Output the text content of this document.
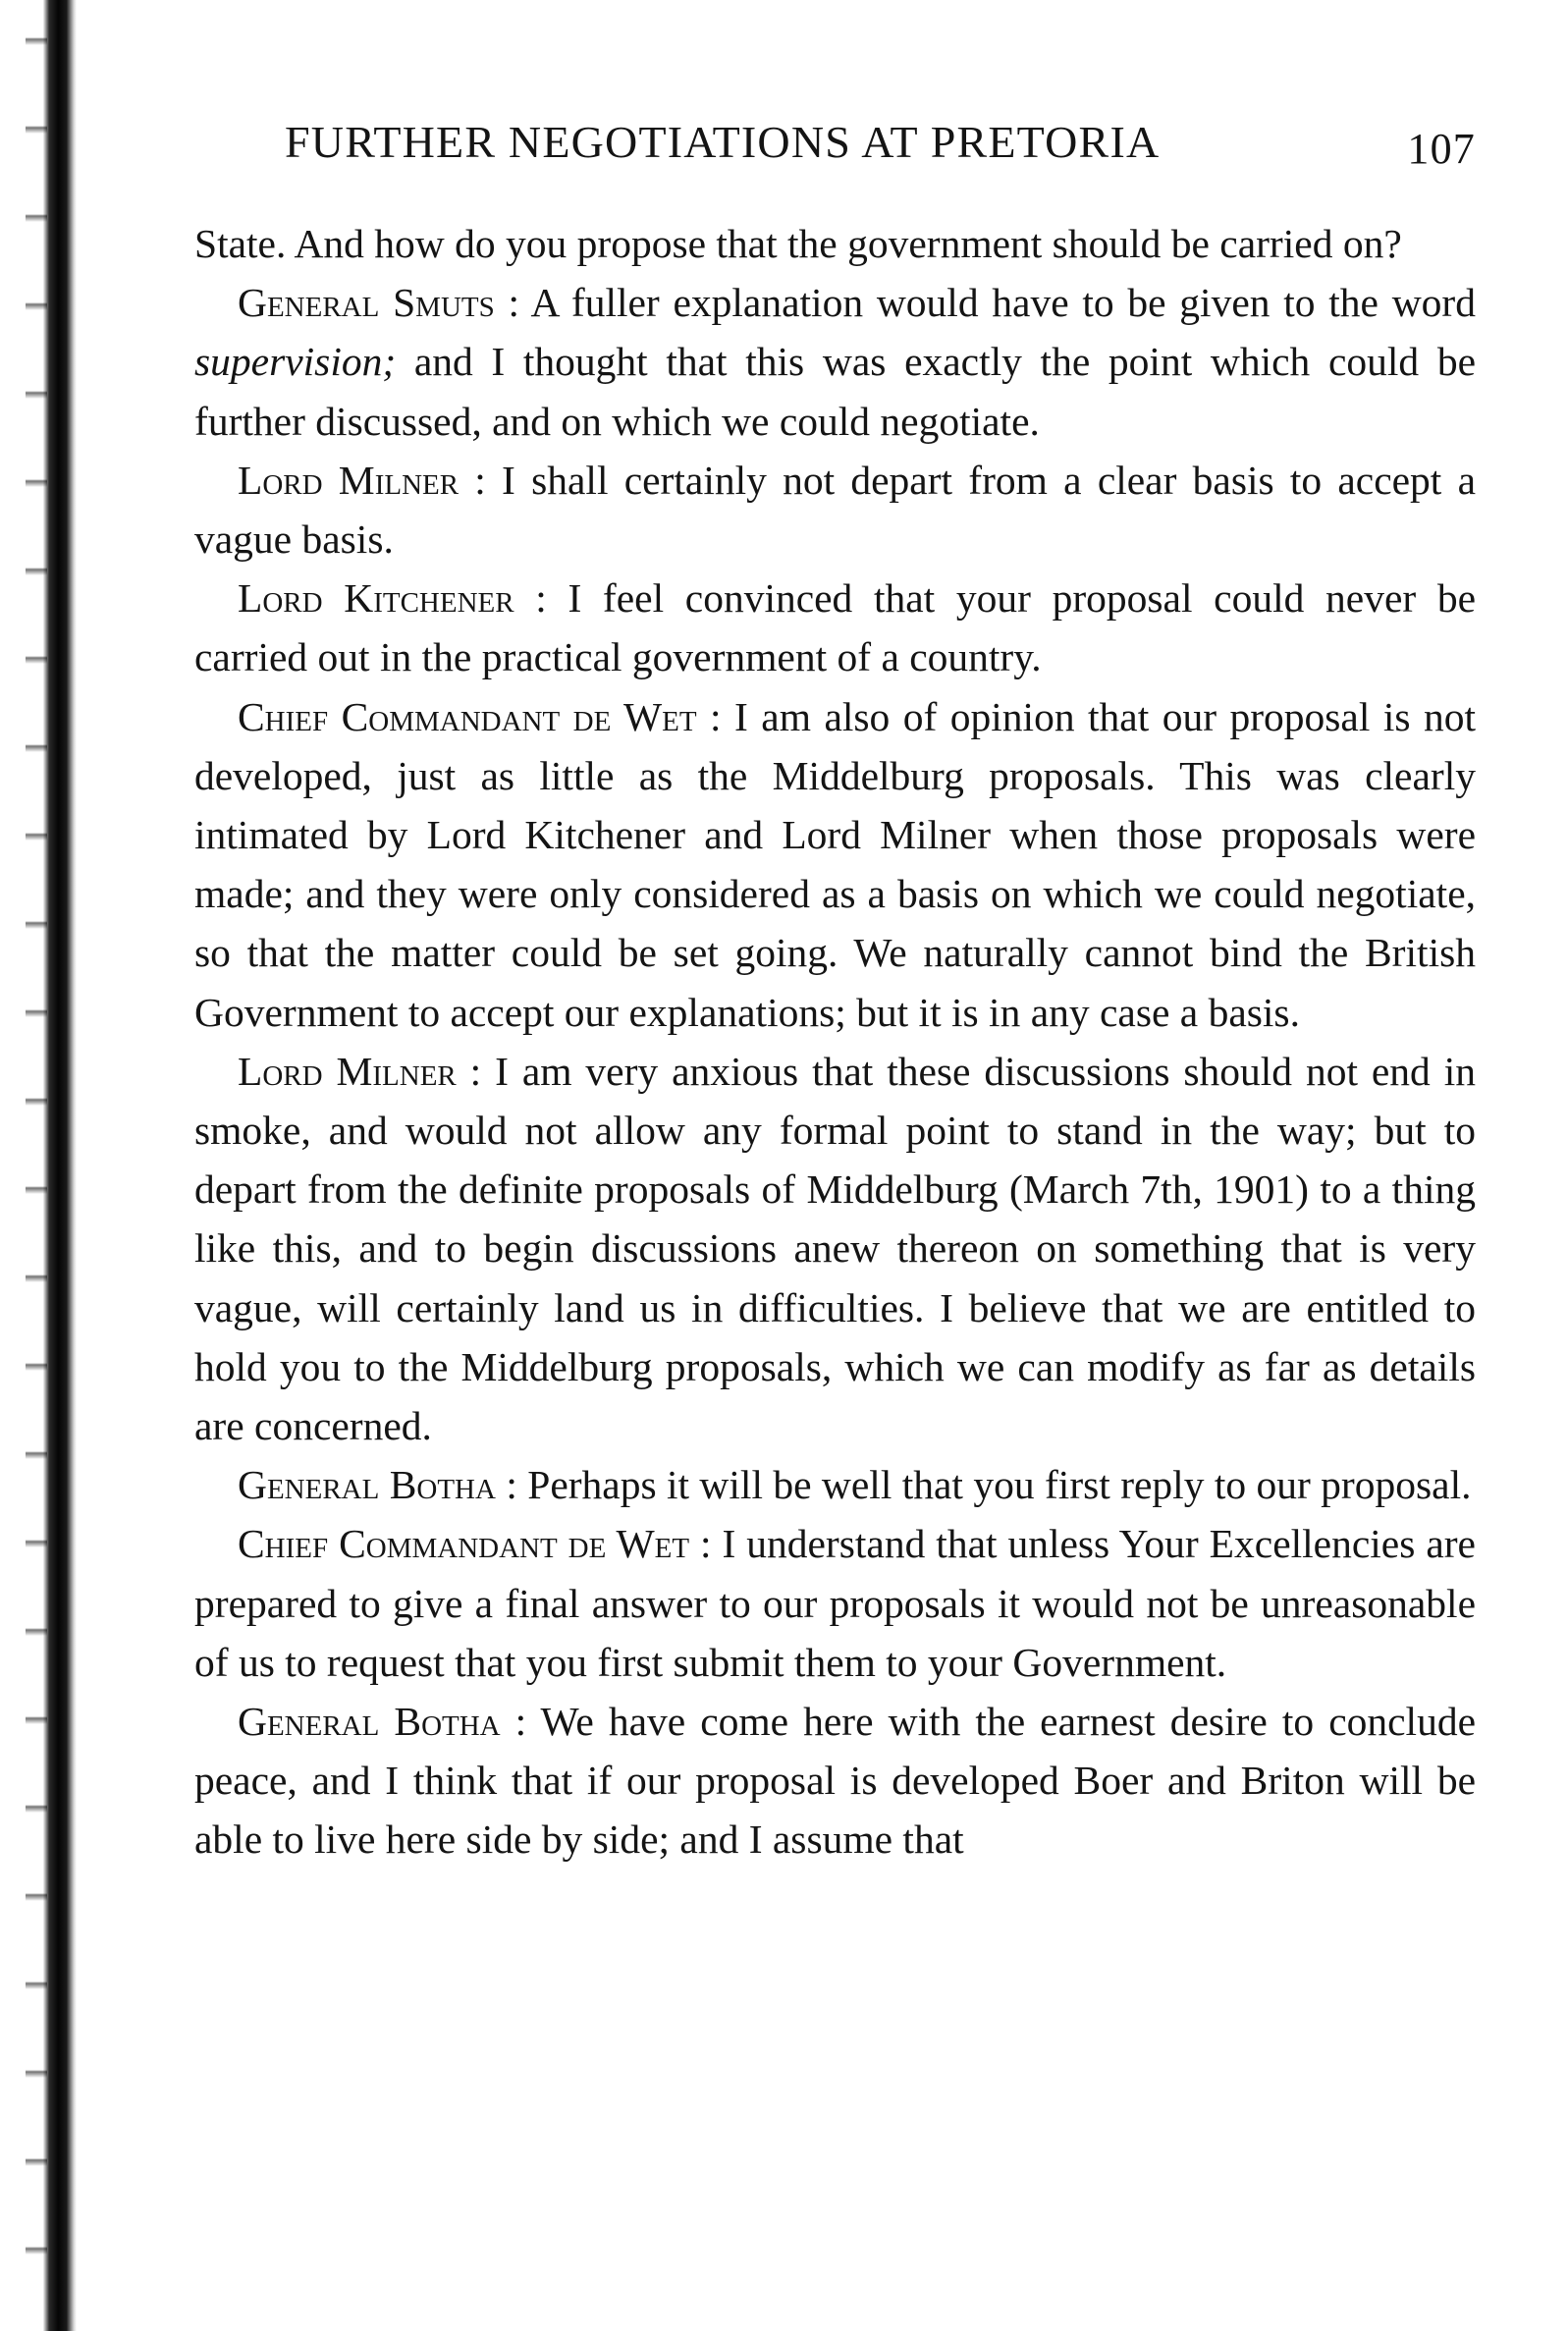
FURTHER NEGOTIATIONS AT PRETORIA	107

State. And how do you propose that the government should be carried on?

General Smuts : A fuller explanation would have to be given to the word supervision; and I thought that this was exactly the point which could be further discussed, and on which we could negotiate.

Lord Milner : I shall certainly not depart from a clear basis to accept a vague basis.

Lord Kitchener : I feel convinced that your proposal could never be carried out in the practical government of a country.

Chief Commandant de Wet : I am also of opinion that our proposal is not developed, just as little as the Middelburg proposals. This was clearly intimated by Lord Kitchener and Lord Milner when those proposals were made; and they were only considered as a basis on which we could negotiate, so that the matter could be set going. We naturally cannot bind the British Government to accept our explanations; but it is in any case a basis.

Lord Milner : I am very anxious that these discussions should not end in smoke, and would not allow any formal point to stand in the way; but to depart from the definite proposals of Middelburg (March 7th, 1901) to a thing like this, and to begin discussions anew thereon on something that is very vague, will certainly land us in difficulties. I believe that we are entitled to hold you to the Middelburg proposals, which we can modify as far as details are concerned.

General Botha : Perhaps it will be well that you first reply to our proposal.

Chief Commandant de Wet : I understand that unless Your Excellencies are prepared to give a final answer to our proposals it would not be unreasonable of us to request that you first submit them to your Government.

General Botha : We have come here with the earnest desire to conclude peace, and I think that if our proposal is developed Boer and Briton will be able to live here side by side; and I assume that
